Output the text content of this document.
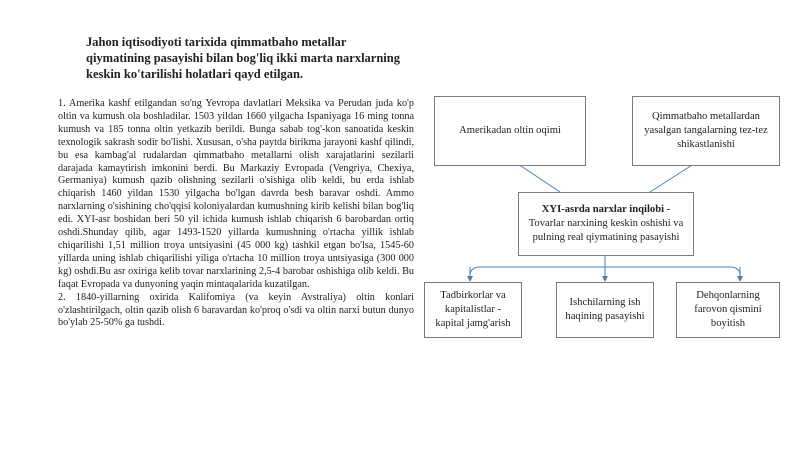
Jahon iqtisodiyoti tarixida qimmatbaho metallar qiymatining pasayishi bilan bog'liq ikki marta narxlarning keskin ko'tarilishi holatlari qayd etilgan.

1. Amerika kashf etilgandan so'ng Yevropa davlatlari Meksika va Perudan juda ko'p oltin va kumush ola boshladilar. 1503 yildan 1660 yilgacha Ispaniyaga 16 ming tonna kumush va 185 tonna oltin yetkazib berildi. Bunga sabab tog'-kon sanoatida keskin texnologik sakrash sodir bo'lishi. Xususan, o'sha paytda birikma jarayoni kashf qilindi, bu esa kambag'al rudalardan qimmatbaho metallarni olish xarajatlarini sezilarli darajada kamaytirish imkonini berdi. Bu Markaziy Evropada (Vengriya, Chexiya, Germaniya) kumush qazib olishning sezilarli o'sishiga olib keldi, bu erda ishlab chiqarish 1460 yildan 1530 yilgacha bo'lgan davrda besh baravar oshdi. Ammo narxlarning o'sishining cho'qqisi koloniyalardan kumushning kirib kelishi bilan bog'liq edi. XYI-asr boshidan beri 50 yil ichida kumush ishlab chiqarish 6 barobardan ortiq oshdi.Shunday qilib, agar 1493-1520 yillarda kumushning o'rtacha yillik ishlab chiqarilishi 1,51 million troya untsiyasini (45 000 kg) tashkil etgan bo'lsa, 1545-60 yillarda uning ishlab chiqarilishi yiliga o'rtacha 10 million troya untsiyasiga (300 000 kg) oshdi.Bu asr oxiriga kelib tovar narxlarining 2,5-4 barobar oshishiga olib keldi. Bu faqat Evropada va dunyoning yaqin mintaqalarida kuzatilgan.

2. 1840-yillarning oxirida Kalifomiya (va keyin Avstraliya) oltin konlari o'zlashtirilgach, oltin qazib olish 6 baravardan ko'proq o'sdi va oltin narxi butun dunyo bo'ylab 25-50% ga tushdi.

Amerikadan oltin oqimi
Qimmatbaho metallardan yasalgan tangalarning tez-tez shikastlanishi
XYI-asrda narxlar inqilobi -
Tovarlar narxining keskin oshishi va pulning real qiymatining pasayishi
Tadbirkorlar va kapitalistlar - kapital jamg'arish
Ishchilarning ish haqining pasayishi
Dehqonlarning farovon qismini boyitish
